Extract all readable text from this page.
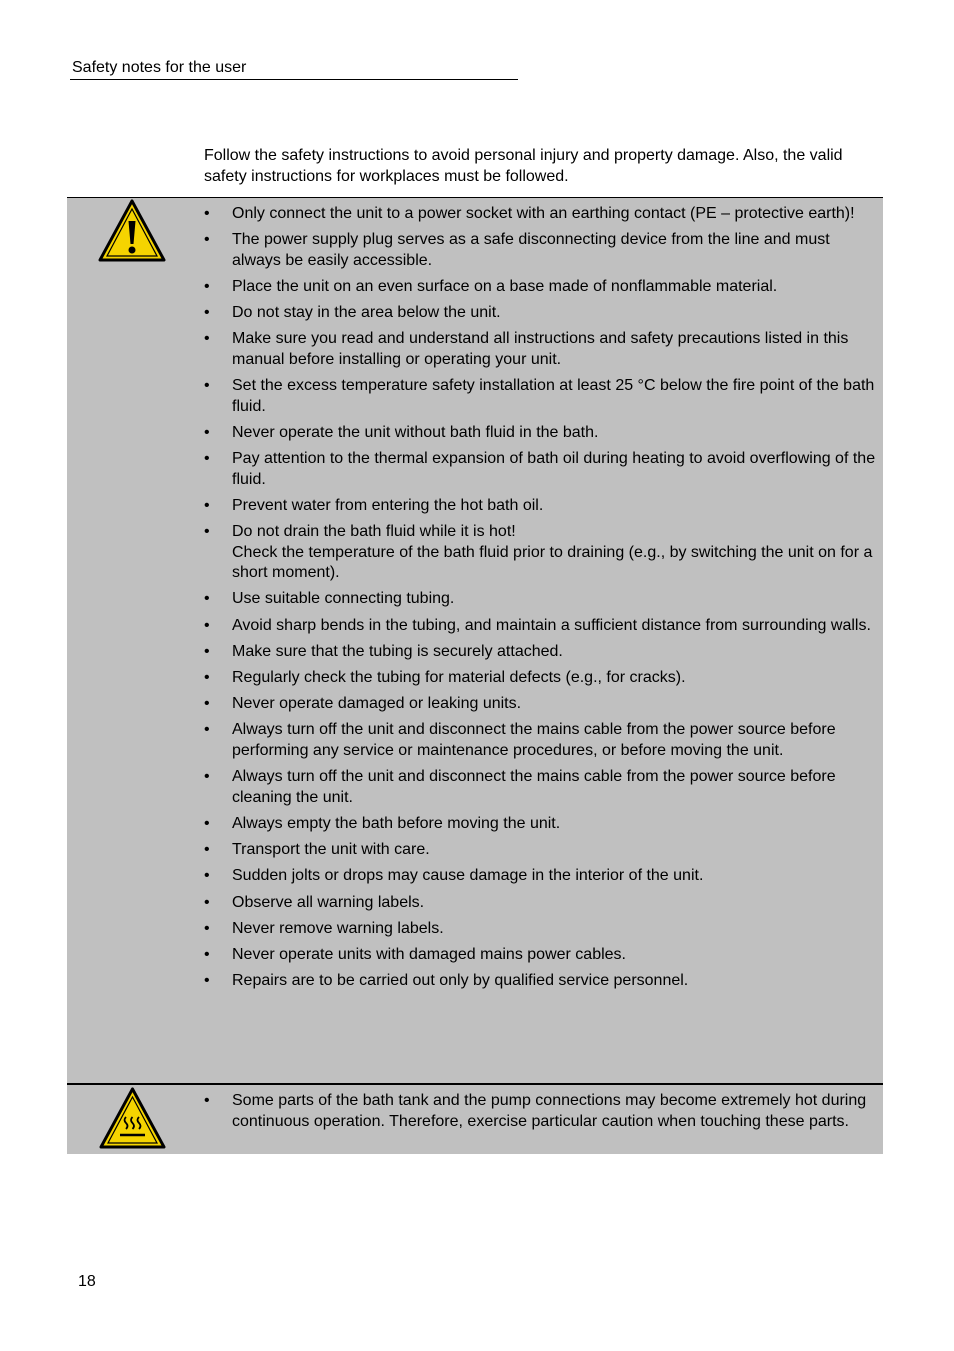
Safety notes for the user
Follow the safety instructions to avoid personal injury and property damage. Also, the valid safety instructions for workplaces must be followed.
• Only connect the unit to a power socket with an earthing contact (PE – protective earth)!
• The power supply plug serves as a safe disconnecting device from the line and must always be easily accessible.
• Place the unit on an even surface on a base made of nonflammable material.
• Do not stay in the area below the unit.
• Make sure you read and understand all instructions and safety precautions listed in this manual before installing or operating your unit.
• Set the excess temperature safety installation at least 25 °C below the fire point of the bath fluid.
• Never operate the unit without bath fluid in the bath.
• Pay attention to the thermal expansion of bath oil during heating to avoid overflowing of the fluid.
• Prevent water from entering the hot bath oil.
• Do not drain the bath fluid while it is hot!
Check the temperature of the bath fluid prior to draining (e.g., by switching the unit on for a short moment).
• Use suitable connecting tubing.
• Avoid sharp bends in the tubing, and maintain a sufficient distance from surrounding walls.
• Make sure that the tubing is securely attached.
• Regularly check the tubing for material defects (e.g., for cracks).
• Never operate damaged or leaking units.
• Always turn off the unit and disconnect the mains cable from the power source before performing any service or maintenance procedures, or before moving the unit.
• Always turn off the unit and disconnect the mains cable from the power source before cleaning the unit.
• Always empty the bath before moving the unit.
• Transport the unit with care.
• Sudden jolts or drops may cause damage in the interior of the unit.
• Observe all warning labels.
• Never remove warning labels.
• Never operate units with damaged mains power cables.
• Repairs are to be carried out only by qualified service personnel.
• Some parts of the bath tank and the pump connections may become extremely hot during continuous operation. Therefore, exercise particular caution when touching these parts.
18
